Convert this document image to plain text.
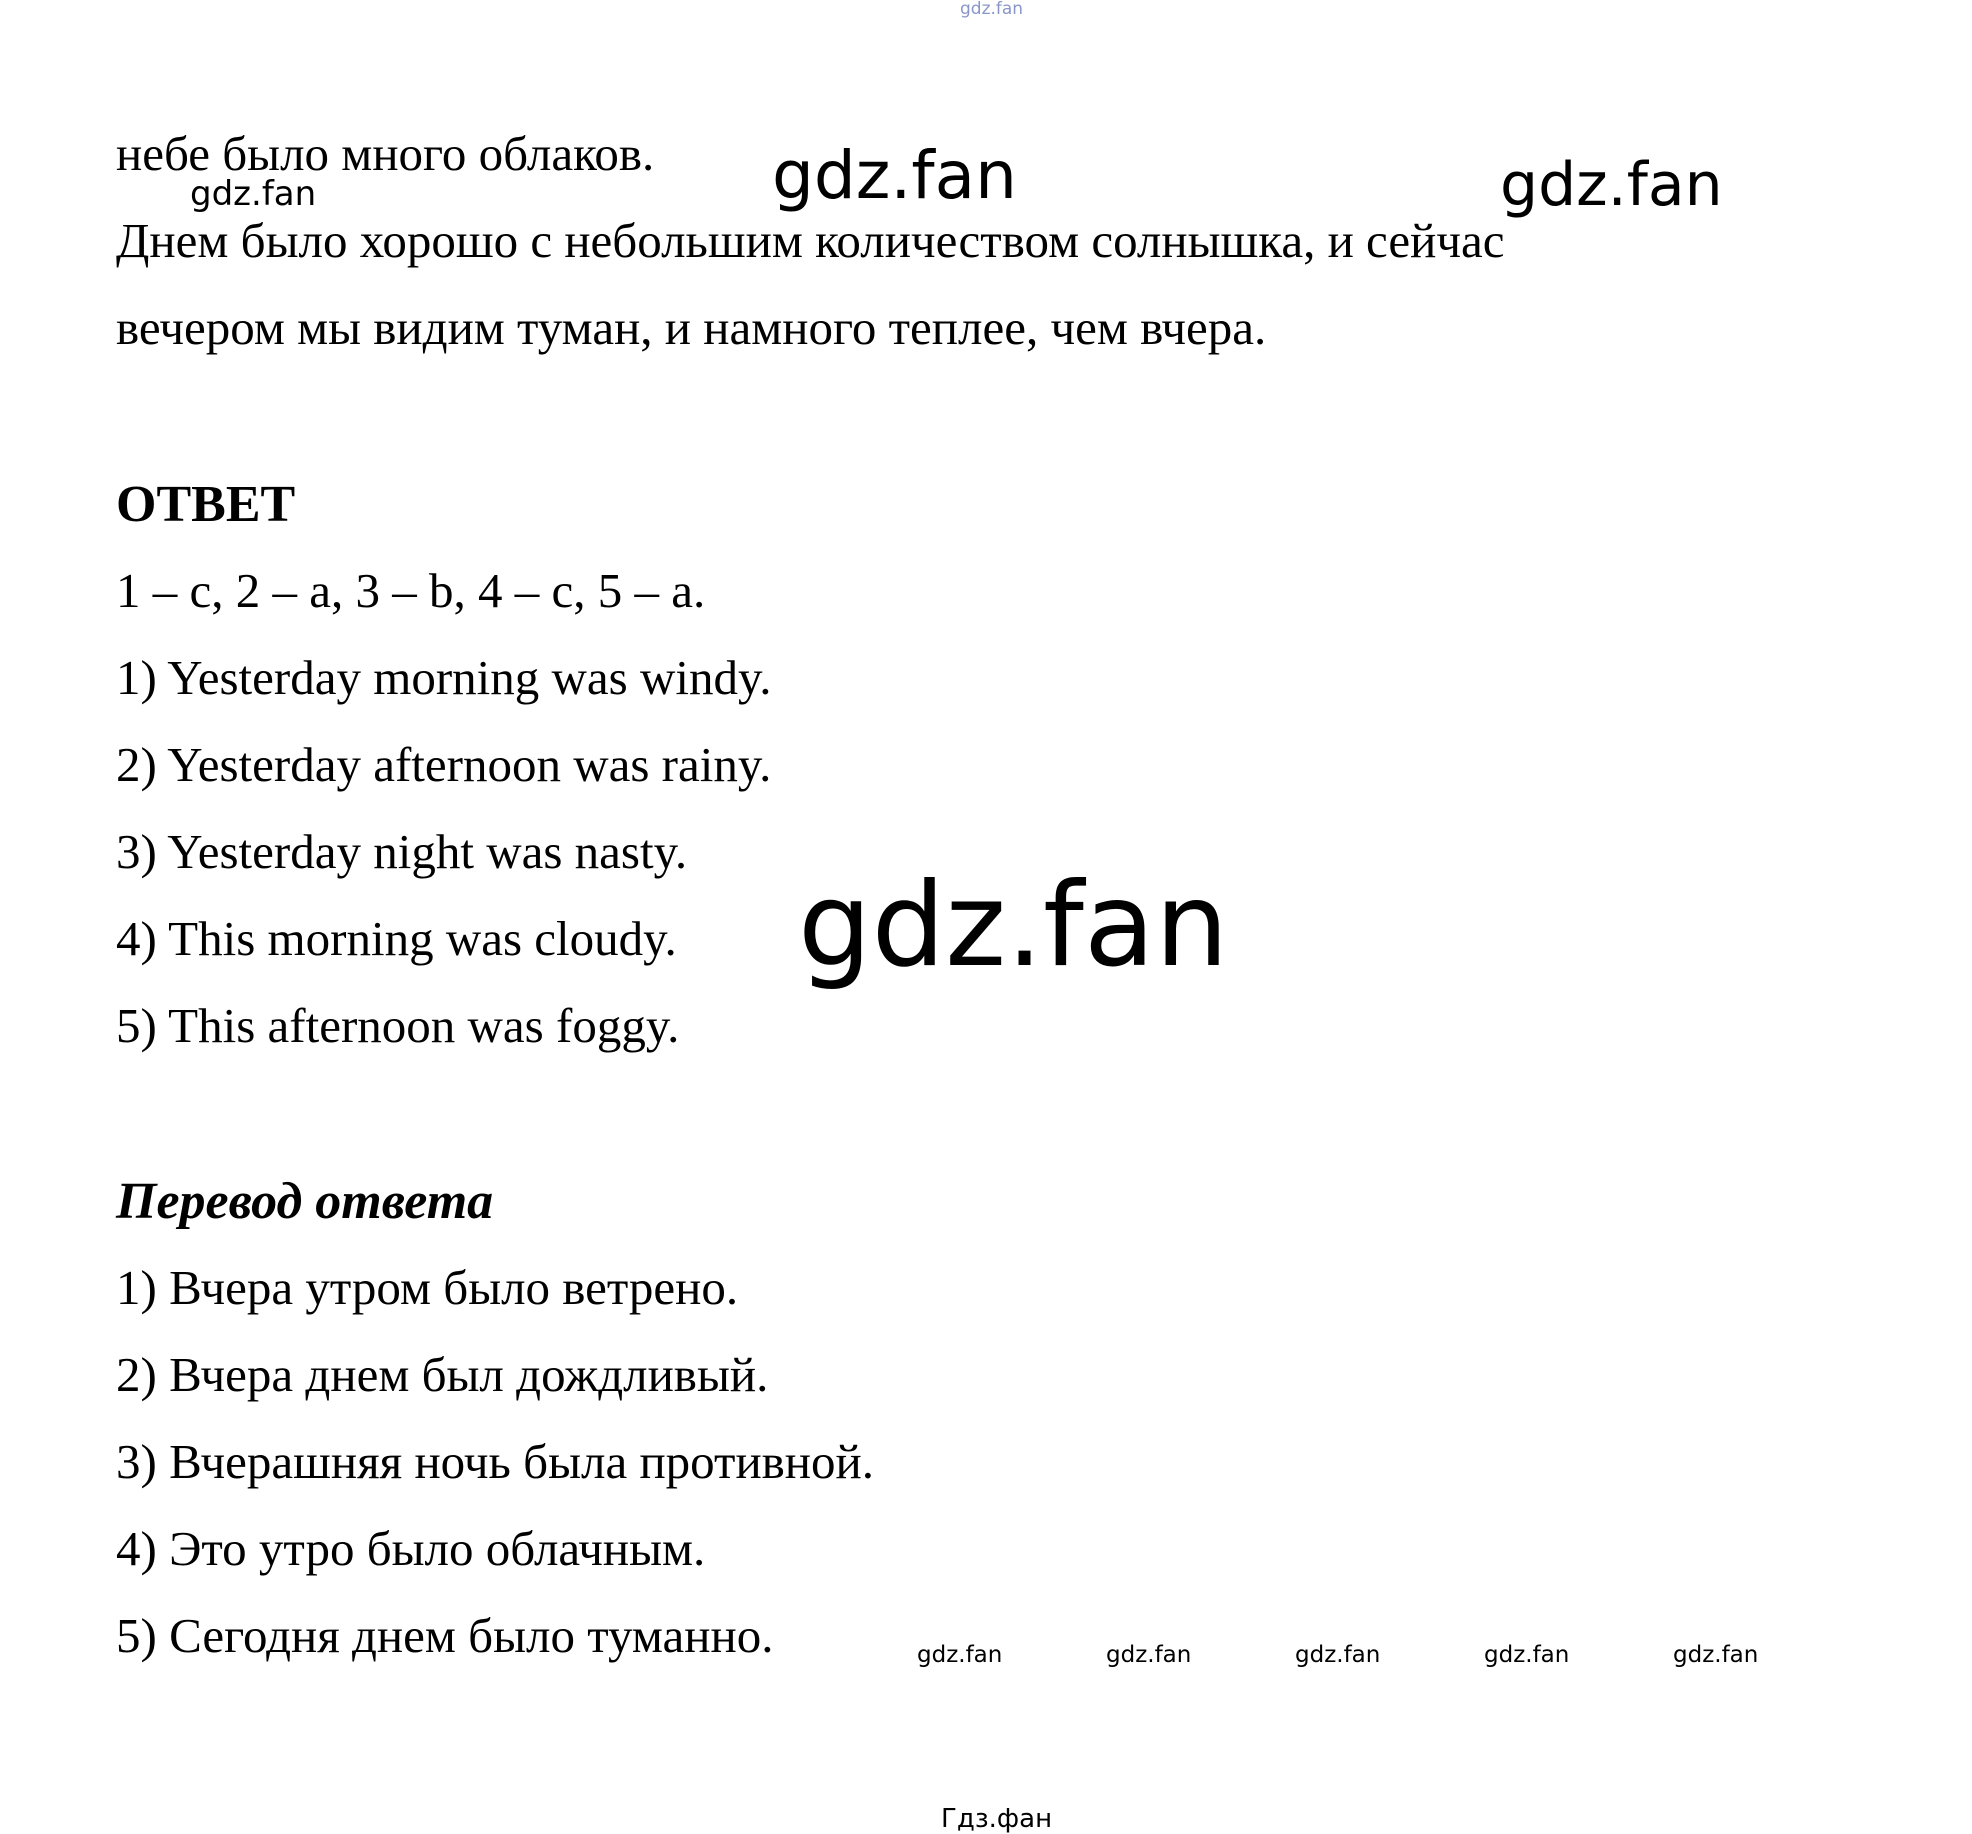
gdz.fan
небе было много облаков.
gdz.fan	gdz.fan	gdz.fan
Днем было хорошо с небольшим количеством солнышка, и сейчас
вечером мы видим туман, и намного теплее, чем вчера.
ОТВЕТ
1 – c, 2 – a, 3 – b, 4 – c, 5 – a.
1) Yesterday morning was windy.
2) Yesterday afternoon was rainy.
3) Yesterday night was nasty.
4) This morning was cloudy. gdz.fan
5) This afternoon was foggy.
Перевод ответа
1) Вчера утром было ветрено.
2) Вчера днем был дождливый.
3) Вчерашняя ночь была противной.
4) Это утро было облачным.
5) Сегодня днем было туманно.	gdz.fan	gdz.fan	gdz.fan	gdz.fan	gdz.fan
Гдз.фан
